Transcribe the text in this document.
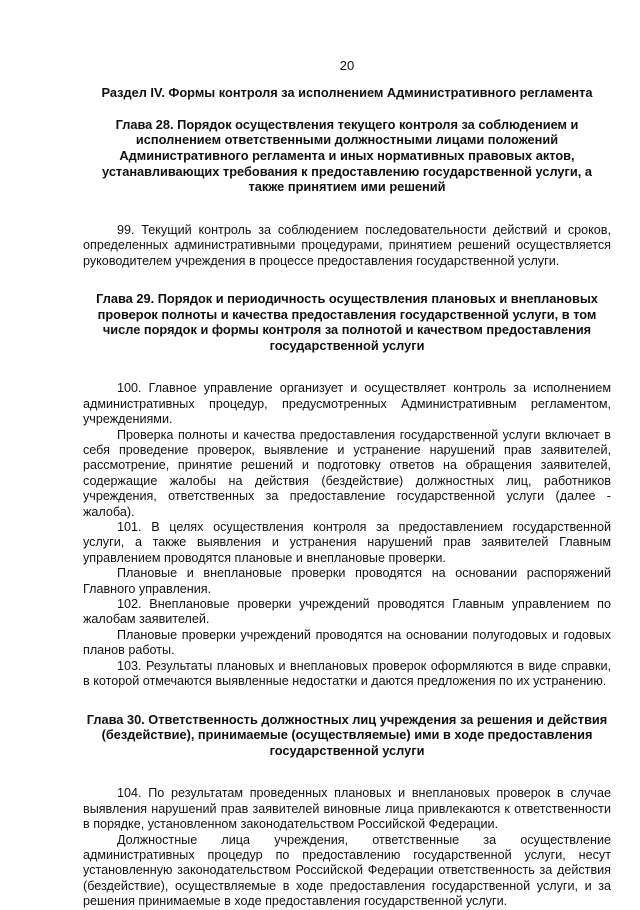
20
Раздел IV. Формы контроля за исполнением Административного регламента
Глава 28. Порядок осуществления текущего контроля за соблюдением и исполнением ответственными должностными лицами положений Административного регламента и иных нормативных правовых актов, устанавливающих требования к предоставлению государственной услуги, а также принятием ими решений

99. Текущий контроль за соблюдением последовательности действий и сроков, определенных административными процедурами, принятием решений осуществляется руководителем учреждения в процессе предоставления государственной услуги.

Глава 29. Порядок и периодичность осуществления плановых и внеплановых проверок полноты и качества предоставления государственной услуги, в том числе порядок и формы контроля за полнотой и качеством предоставления государственной услуги

100. Главное управление организует и осуществляет контроль за исполнением административных процедур, предусмотренных Административным регламентом, учреждениями.

Проверка полноты и качества предоставления государственной услуги включает в себя проведение проверок, выявление и устранение нарушений прав заявителей, рассмотрение, принятие решений и подготовку ответов на обращения заявителей, содержащие жалобы на действия (бездействие) должностных лиц, работников учреждения, ответственных за предоставление государственной услуги (далее - жалоба).

101. В целях осуществления контроля за предоставлением государственной услуги, а также выявления и устранения нарушений прав заявителей Главным управлением проводятся плановые и внеплановые проверки.

Плановые и внеплановые проверки проводятся на основании распоряжений Главного управления.

102. Внеплановые проверки учреждений проводятся Главным управлением по жалобам заявителей.

Плановые проверки учреждений проводятся на основании полугодовых и годовых планов работы.

103. Результаты плановых и внеплановых проверок оформляются в виде справки, в которой отмечаются выявленные недостатки и даются предложения по их устранению.

Глава 30. Ответственность должностных лиц учреждения за решения и действия (бездействие), принимаемые (осуществляемые) ими в ходе предоставления государственной услуги

104. По результатам проведенных плановых и внеплановых проверок в случае выявления нарушений прав заявителей виновные лица привлекаются к ответственности в порядке, установленном законодательством Российской Федерации.

Должностные лица учреждения, ответственные за осуществление административных процедур по предоставлению государственной услуги, несут установленную законодательством Российской Федерации ответственность за действия (бездействие), осуществляемые в ходе предоставления государственной услуги, и за решения принимаемые в ходе предоставления государственной услуги.
